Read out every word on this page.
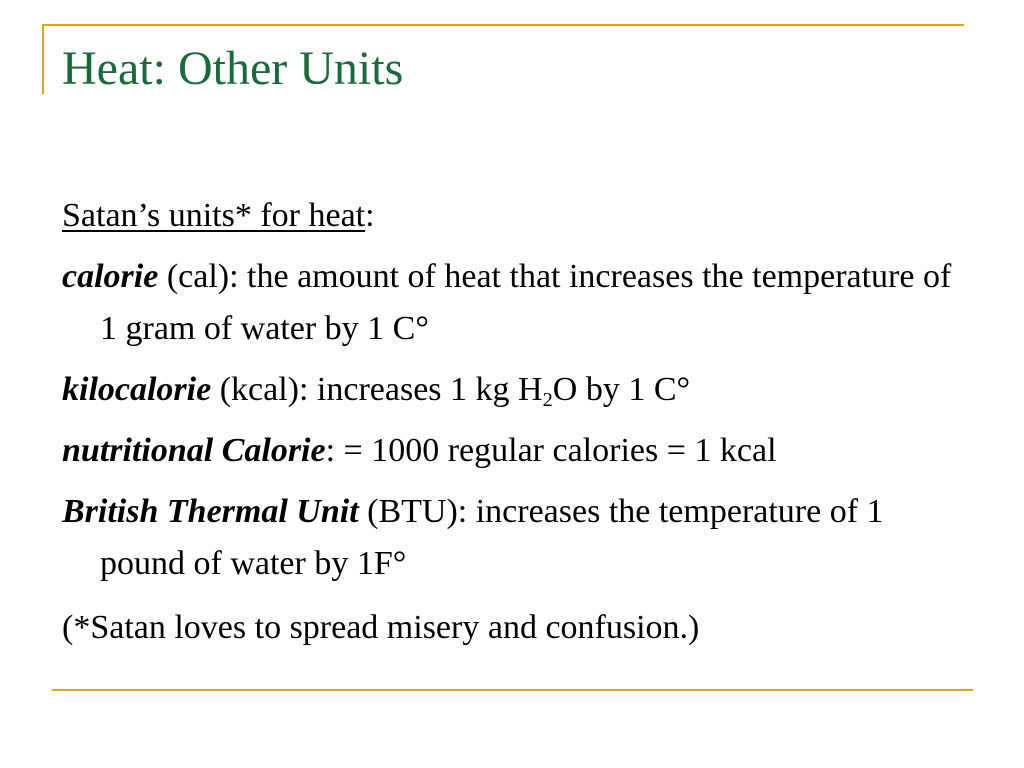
Heat: Other Units

Satan’s units* for heat:

calorie (cal): the amount of heat that increases the temperature of 1 gram of water by 1 C°

kilocalorie (kcal): increases 1 kg $H_2O$ by 1 C°

nutritional Calorie: = 1000 regular calories = 1 kcal

British Thermal Unit (BTU): increases the temperature of 1 pound of water by 1F°

(*Satan loves to spread misery and confusion.)
